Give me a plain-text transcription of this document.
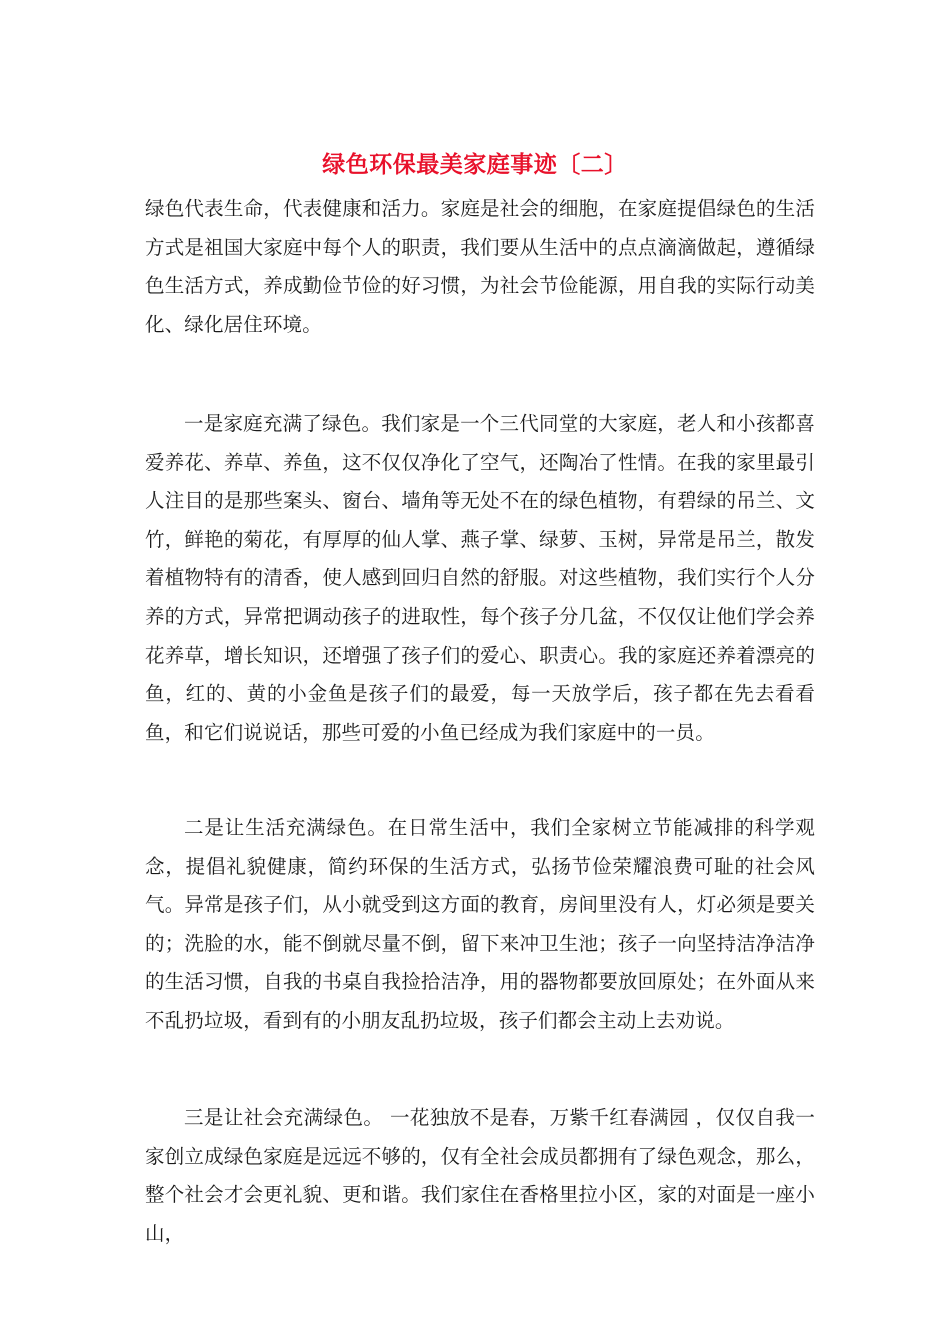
绿色环保最美家庭事迹〔二〕

绿色代表生命，代表健康和活力。家庭是社会的细胞，在家庭提倡绿色的生活方式是祖国大家庭中每个人的职责，我们要从生活中的点点滴滴做起，遵循绿色生活方式，养成勤俭节俭的好习惯，为社会节俭能源，用自我的实际行动美化、绿化居住环境。

一是家庭充满了绿色。我们家是一个三代同堂的大家庭，老人和小孩都喜爱养花、养草、养鱼，这不仅仅净化了空气，还陶冶了性情。在我的家里最引人注目的是那些案头、窗台、墙角等无处不在的绿色植物，有碧绿的吊兰、文竹，鲜艳的菊花，有厚厚的仙人掌、燕子掌、绿萝、玉树，异常是吊兰，散发着植物特有的清香，使人感到回归自然的舒服。对这些植物，我们实行个人分养的方式，异常把调动孩子的进取性，每个孩子分几盆，不仅仅让他们学会养花养草，增长知识，还增强了孩子们的爱心、职责心。我的家庭还养着漂亮的鱼，红的、黄的小金鱼是孩子们的最爱，每一天放学后，孩子都在先去看看鱼，和它们说说话，那些可爱的小鱼已经成为我们家庭中的一员。

二是让生活充满绿色。在日常生活中，我们全家树立节能减排的科学观念，提倡礼貌健康，简约环保的生活方式，弘扬节俭荣耀浪费可耻的社会风气。异常是孩子们，从小就受到这方面的教育，房间里没有人，灯必须是要关的；洗脸的水，能不倒就尽量不倒，留下来冲卫生池；孩子一向坚持洁净洁净的生活习惯，自我的书桌自我捡拾洁净，用的器物都要放回原处；在外面从来不乱扔垃圾，看到有的小朋友乱扔垃圾，孩子们都会主动上去劝说。

三是让社会充满绿色。 一花独放不是春，万紫千红春满园 ，仅仅自我一家创立成绿色家庭是远远不够的，仅有全社会成员都拥有了绿色观念，那么，整个社会才会更礼貌、更和谐。我们家住在香格里拉小区，家的对面是一座小山，
